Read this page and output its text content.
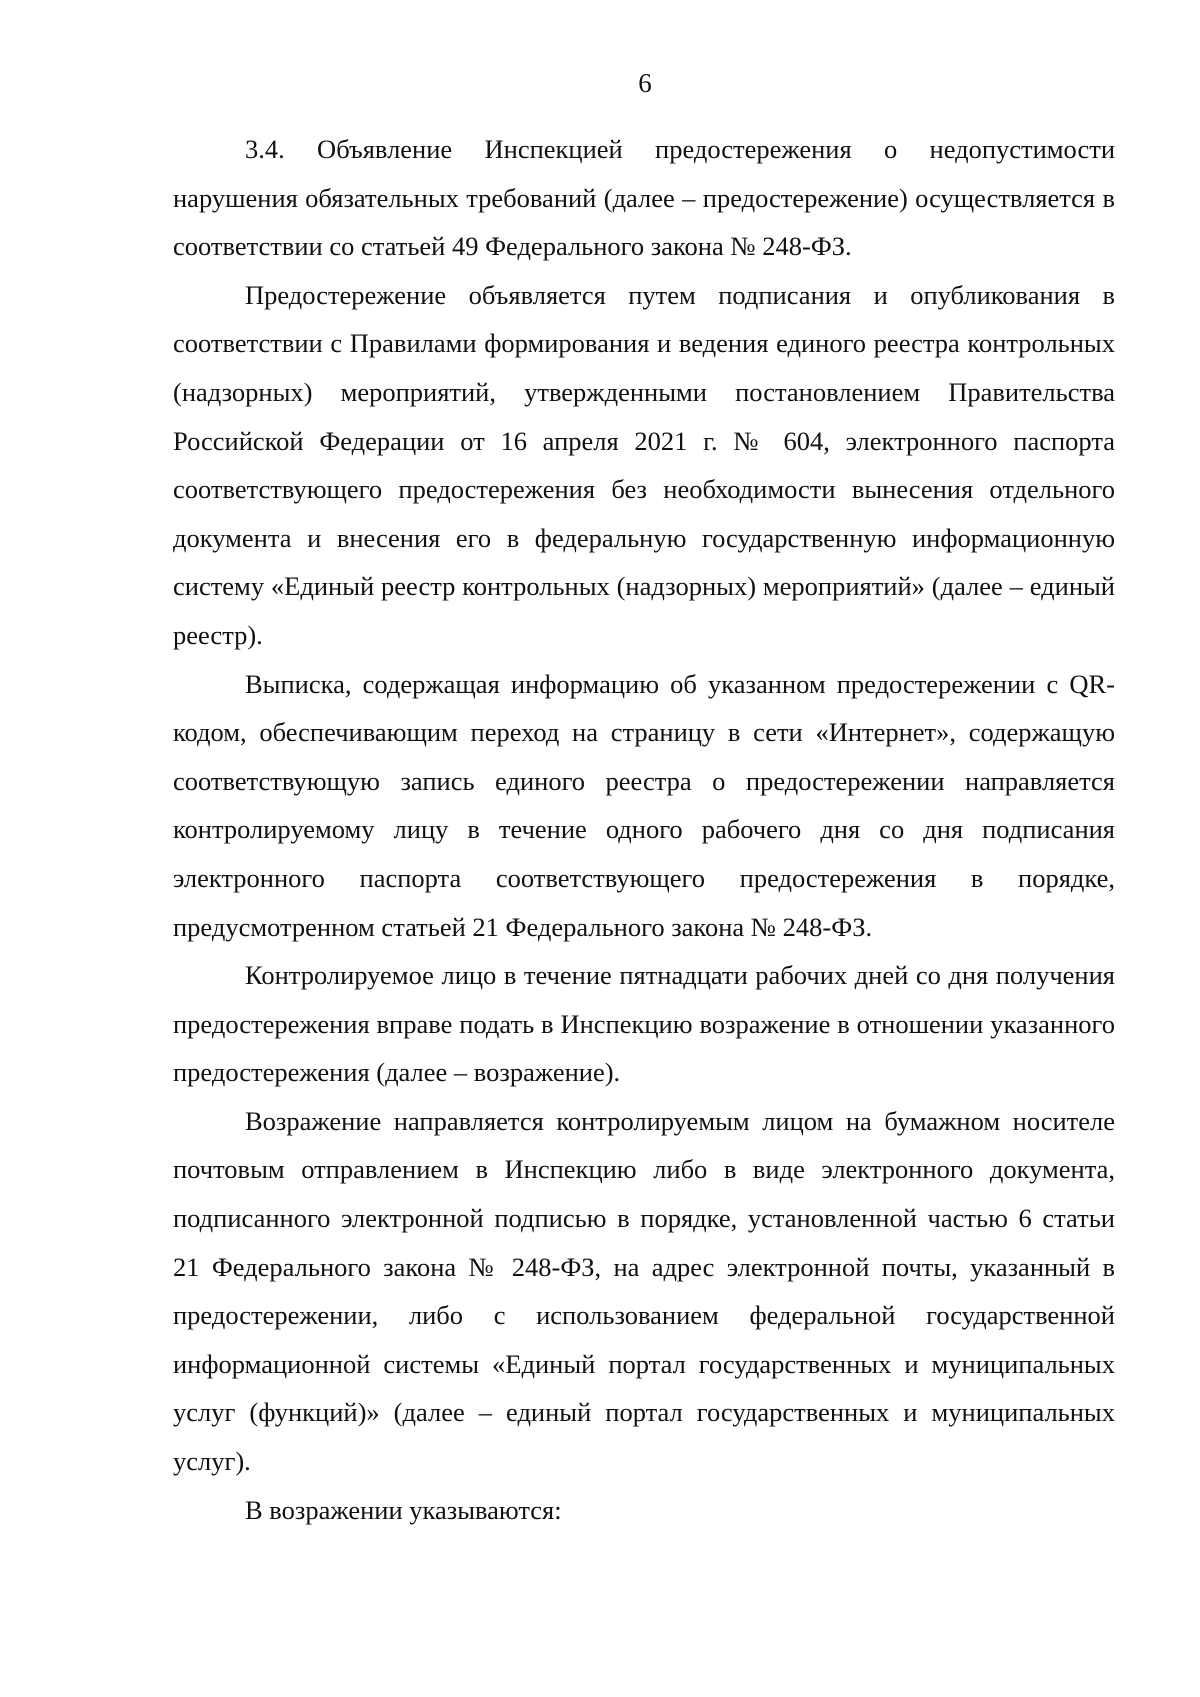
6

3.4. Объявление Инспекцией предостережения о недопустимости нарушения обязательных требований (далее – предостережение) осуществляется в соответствии со статьей 49 Федерального закона № 248-ФЗ.

Предостережение объявляется путем подписания и опубликования в соответствии с Правилами формирования и ведения единого реестра контрольных (надзорных) мероприятий, утвержденными постановлением Правительства Российской Федерации от 16 апреля 2021 г. № 604, электронного паспорта соответствующего предостережения без необходимости вынесения отдельного документа и внесения его в федеральную государственную информационную систему «Единый реестр контрольных (надзорных) мероприятий» (далее – единый реестр).

Выписка, содержащая информацию об указанном предостережении с QR-кодом, обеспечивающим переход на страницу в сети «Интернет», содержащую соответствующую запись единого реестра о предостережении направляется контролируемому лицу в течение одного рабочего дня со дня подписания электронного паспорта соответствующего предостережения в порядке, предусмотренном статьей 21 Федерального закона № 248-ФЗ.

Контролируемое лицо в течение пятнадцати рабочих дней со дня получения предостережения вправе подать в Инспекцию возражение в отношении указанного предостережения (далее – возражение).

Возражение направляется контролируемым лицом на бумажном носителе почтовым отправлением в Инспекцию либо в виде электронного документа, подписанного электронной подписью в порядке, установленной частью 6 статьи 21 Федерального закона № 248-ФЗ, на адрес электронной почты, указанный в предостережении, либо с использованием федеральной государственной информационной системы «Единый портал государственных и муниципальных услуг (функций)» (далее – единый портал государственных и муниципальных услуг).

В возражении указываются:
